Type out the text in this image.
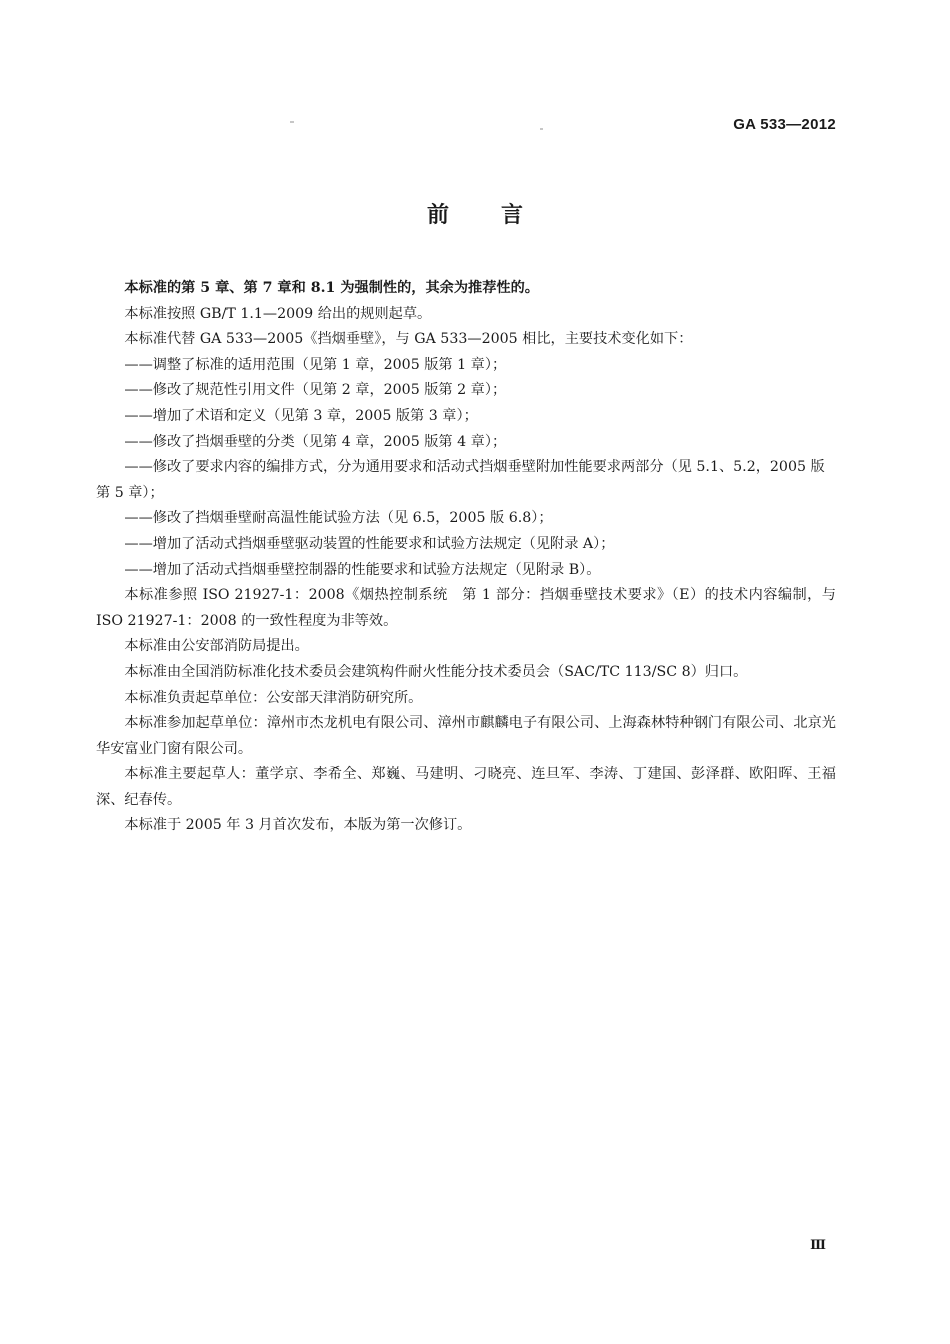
GA 533—2012
前言

本标准的第 5 章、第 7 章和 8.1 为强制性的，其余为推荐性的。

本标准按照 GB/T 1.1—2009 给出的规则起草。

本标准代替 GA 533—2005《挡烟垂壁》，与 GA 533—2005 相比，主要技术变化如下：

——调整了标准的适用范围（见第 1 章，2005 版第 1 章）；

——修改了规范性引用文件（见第 2 章，2005 版第 2 章）；

——增加了术语和定义（见第 3 章，2005 版第 3 章）；

——修改了挡烟垂壁的分类（见第 4 章，2005 版第 4 章）；

——修改了要求内容的编排方式，分为通用要求和活动式挡烟垂壁附加性能要求两部分（见 5.1、5.2，2005 版第 5 章）；

——修改了挡烟垂壁耐高温性能试验方法（见 6.5，2005 版 6.8）；

——增加了活动式挡烟垂壁驱动装置的性能要求和试验方法规定（见附录 A）；

——增加了活动式挡烟垂壁控制器的性能要求和试验方法规定（见附录 B）。

本标准参照 ISO 21927-1：2008《烟热控制系统　第 1 部分：挡烟垂壁技术要求》（E）的技术内容编制，与 ISO 21927-1：2008 的一致性程度为非等效。

本标准由公安部消防局提出。

本标准由全国消防标准化技术委员会建筑构件耐火性能分技术委员会（SAC/TC 113/SC 8）归口。

本标准负责起草单位：公安部天津消防研究所。

本标准参加起草单位：漳州市杰龙机电有限公司、漳州市麒麟电子有限公司、上海森林特种钢门有限公司、北京光华安富业门窗有限公司。

本标准主要起草人：董学京、李希全、郑巍、马建明、刁晓亮、连旦军、李涛、丁建国、彭泽群、欧阳晖、王福深、纪春传。

本标准于 2005 年 3 月首次发布，本版为第一次修订。

Ⅲ
